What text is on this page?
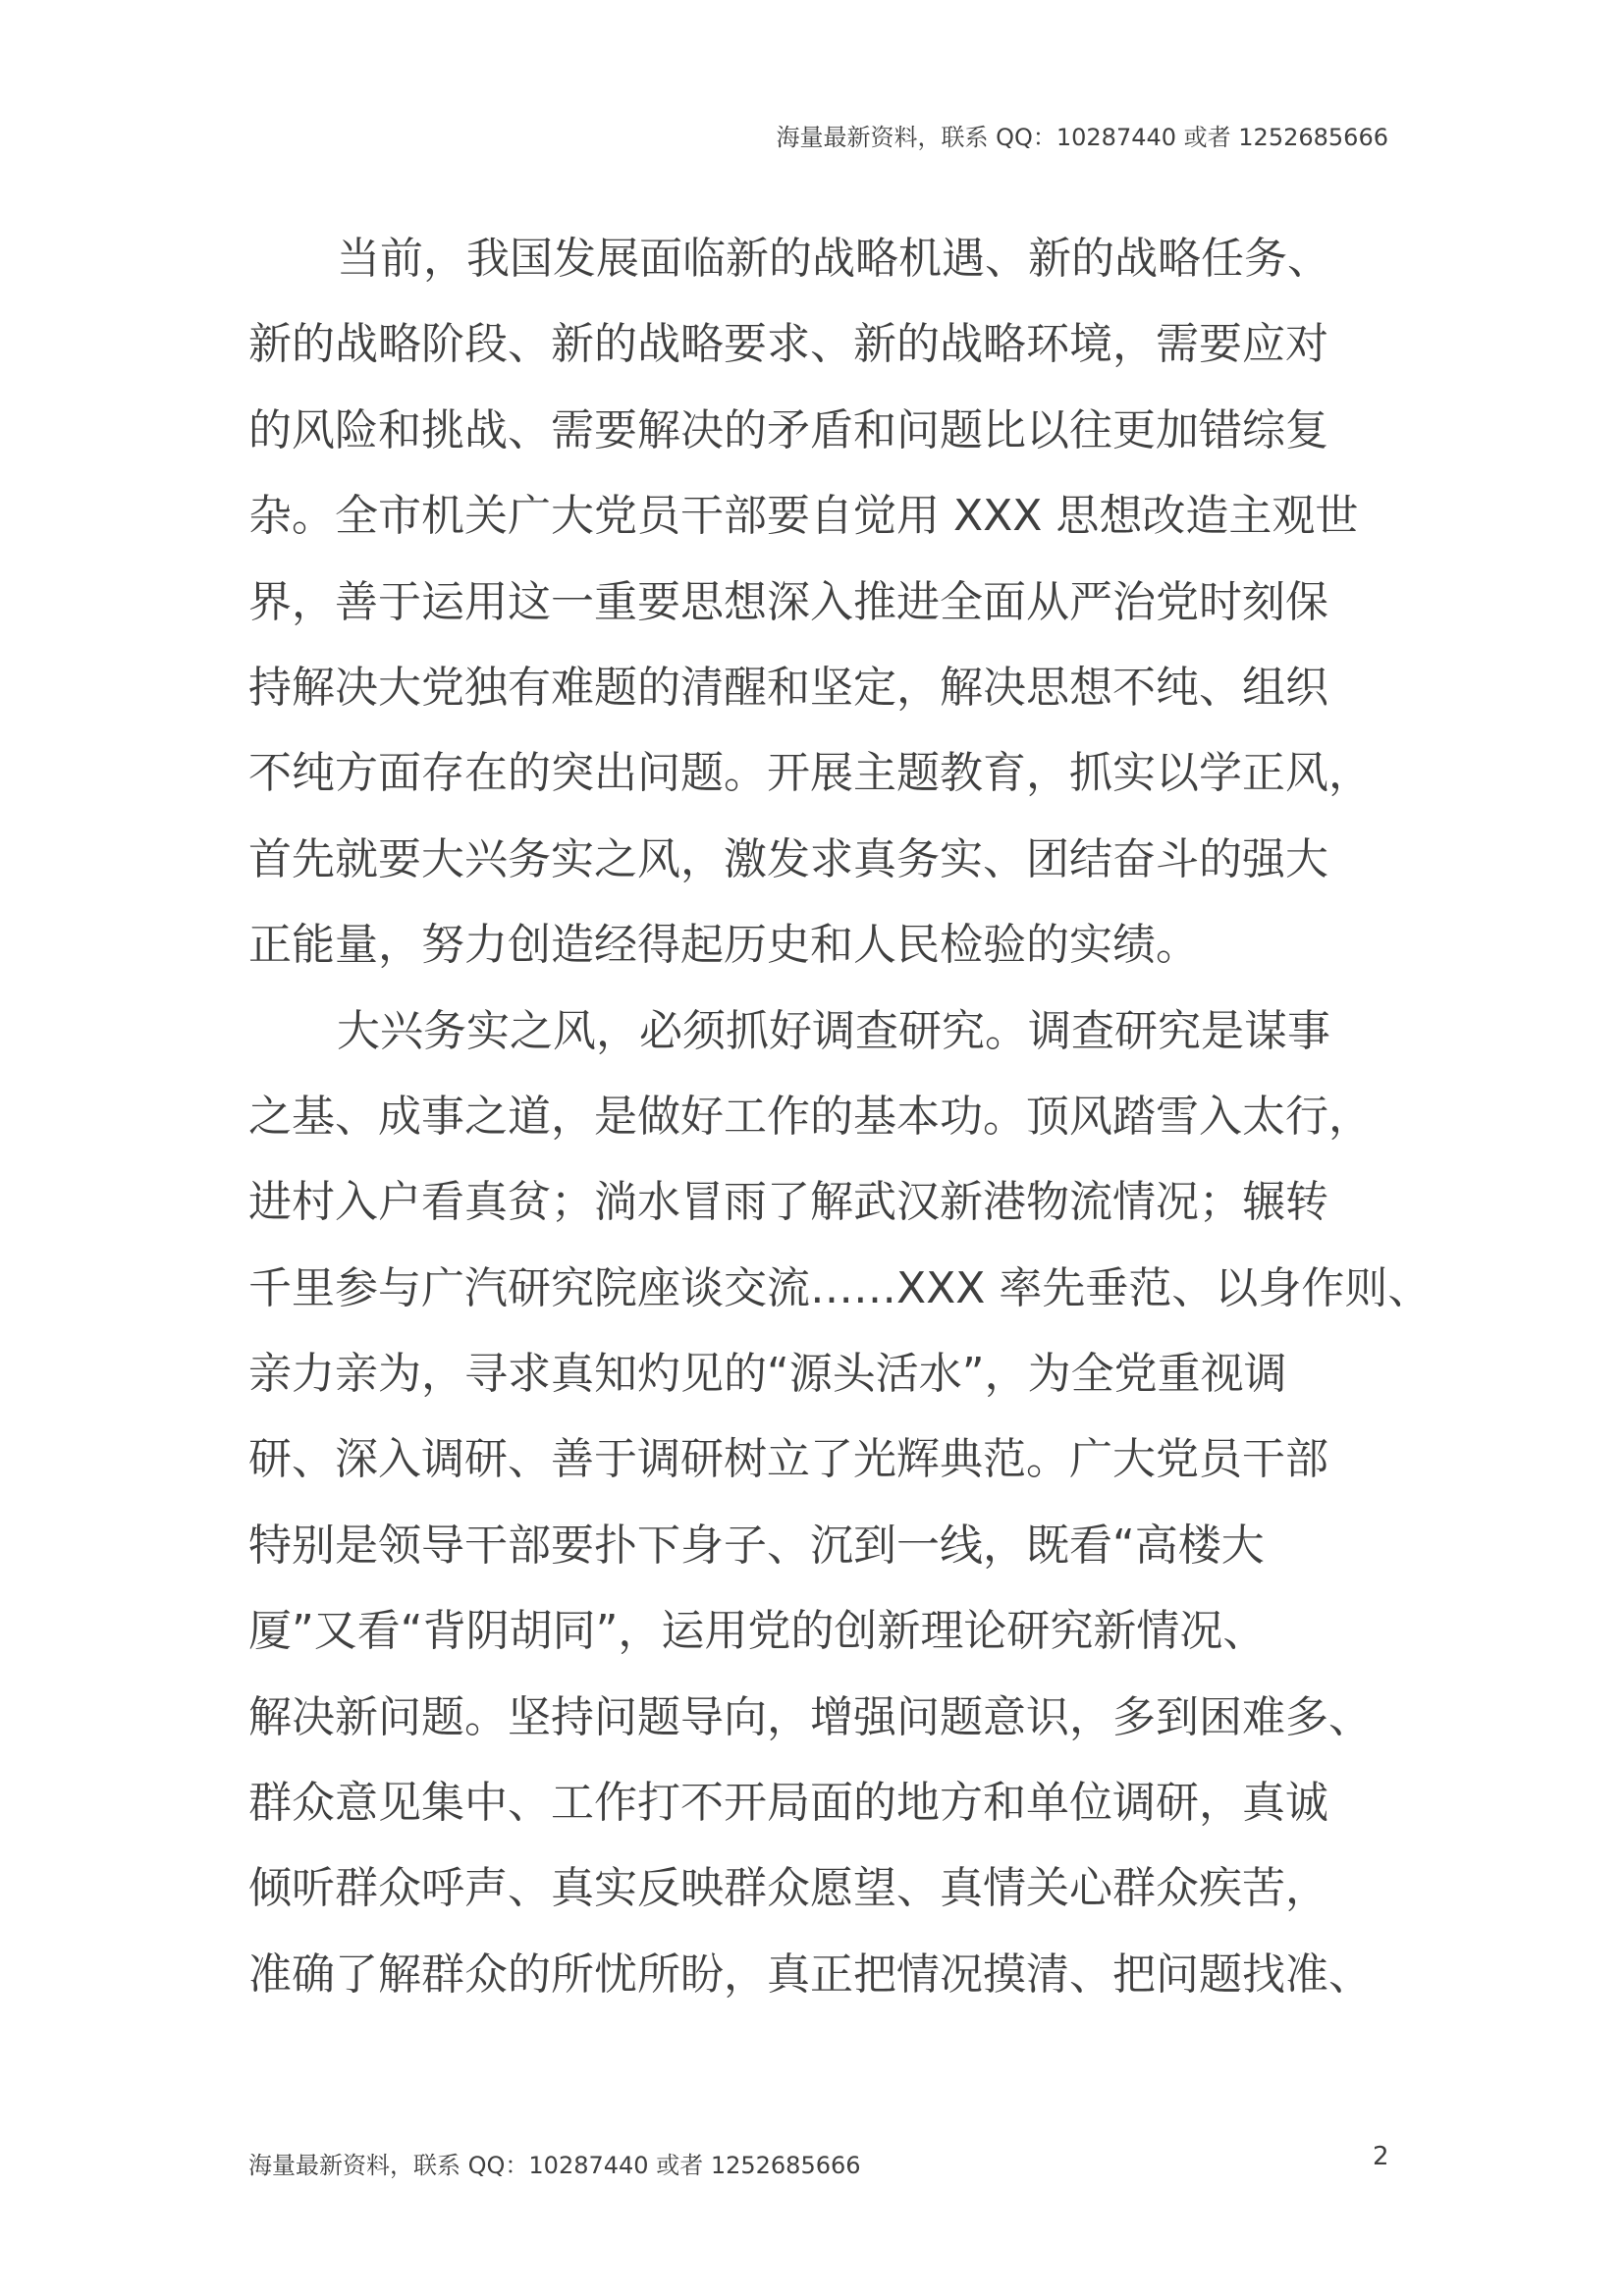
海量最新资料，联系 QQ：10287440 或者 1252685666
当前，我国发展面临新的战略机遇、新的战略任务、
新的战略阶段、新的战略要求、新的战略环境，需要应对
的风险和挑战、需要解决的矛盾和问题比以往更加错综复
杂。全市机关广大党员干部要自觉用 XXX 思想改造主观世
界，善于运用这一重要思想深入推进全面从严治党时刻保
持解决大党独有难题的清醒和坚定，解决思想不纯、组织
不纯方面存在的突出问题。开展主题教育，抓实以学正风，
首先就要大兴务实之风，激发求真务实、团结奋斗的强大
正能量，努力创造经得起历史和人民检验的实绩。
大兴务实之风，必须抓好调查研究。调查研究是谋事
之基、成事之道，是做好工作的基本功。顶风踏雪入太行，
进村入户看真贫；淌水冒雨了解武汉新港物流情况；辗转
千里参与广汽研究院座谈交流……XXX 率先垂范、以身作则、
亲力亲为，寻求真知灼见的“源头活水”，为全党重视调
研、深入调研、善于调研树立了光辉典范。广大党员干部
特别是领导干部要扑下身子、沉到一线，既看“高楼大
厦”又看“背阴胡同”，运用党的创新理论研究新情况、
解决新问题。坚持问题导向，增强问题意识，多到困难多、
群众意见集中、工作打不开局面的地方和单位调研，真诚
倾听群众呼声、真实反映群众愿望、真情关心群众疾苦，
准确了解群众的所忧所盼，真正把情况摸清、把问题找准、
海量最新资料，联系 QQ：10287440 或者 1252685666	2
